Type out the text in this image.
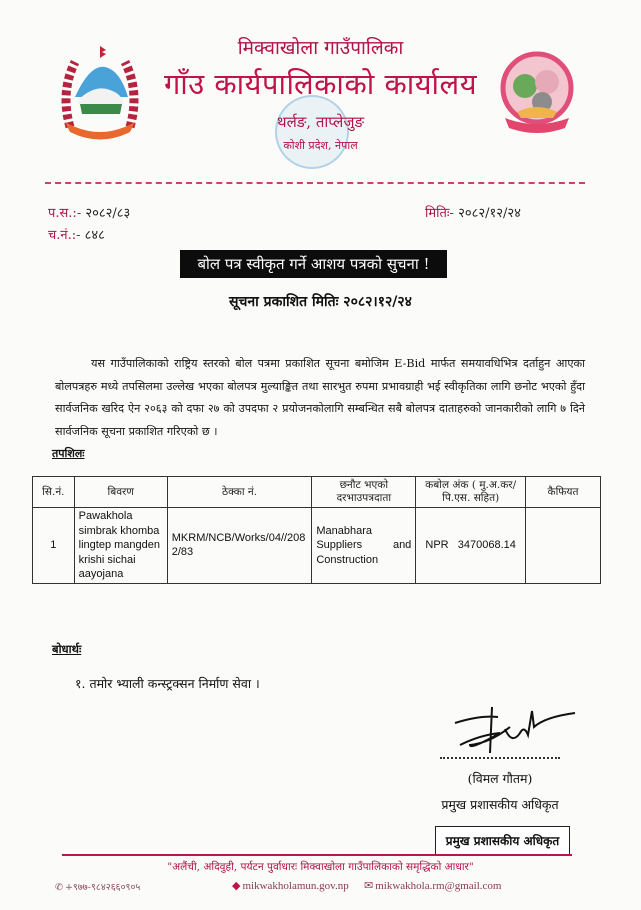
मिक्वाखोला गाउँपालिका
गाँउ कार्यपालिकाको कार्यालय
थर्लङ, ताप्लेजुङ
कोशी प्रदेश, नेपाल
प.स.:- २०८२/८३
च.नं.:- ८४८
मितिः- २०८२/१२/२४
बोल पत्र स्वीकृत गर्ने आशय पत्रको सुचना !
सूचना प्रकाशित मितिः २०८२।१२/२४
यस गाउँपालिकाको राष्ट्रिय स्तरको बोल पत्रमा प्रकाशित सूचना बमोजिम E-Bid मार्फत समयावधिभित्र दर्ताहुन आएका बोलपत्रहरु मध्ये तपसिलमा उल्लेख भएका बोलपत्र मुल्याङ्कित तथा सारभुत रुपमा प्रभावग्राही भई स्वीकृतिका लागि छनोट भएको हुँदा सार्वजनिक खरिद ऐन २०६३ को दफा २७ को उपदफा २ प्रयोजनकोलागि सम्बन्धित सबै बोलपत्र दाताहरुको जानकारीको लागि ७ दिने सार्वजनिक सूचना प्रकाशित गरिएको छ ।
तपशिलः
सि.नं.	बिवरण	ठेक्का नं.	छनौट भएको दरभाउपत्रदाता	कबोल अंक ( मु.अ.कर/पि.एस. सहित)	कैफियत
1	Pawakhola simbrak khomba lingtep mangden krishi sichai aayojana	MKRM/NCB/Works/04//2082/83	Manabhara Suppliers and Construction	NPR   3470068.14	
बोधार्थः
१. तमोर भ्याली कन्स्ट्रक्सन निर्माण सेवा ।
(विमल गौतम)
प्रमुख प्रशासकीय अधिकृत
प्रमुख प्रशासकीय अधिकृत
"अलैंची, अदिवुही, पर्यटन पुर्वाधारः मिक्वाखोला गाउँपालिकाको समृद्धिको आधार"
✆ +९७७-९८४२६६०९०५	◆ mikwakholamun.gov.np ✉ mikwakhola.rm@gmail.com
